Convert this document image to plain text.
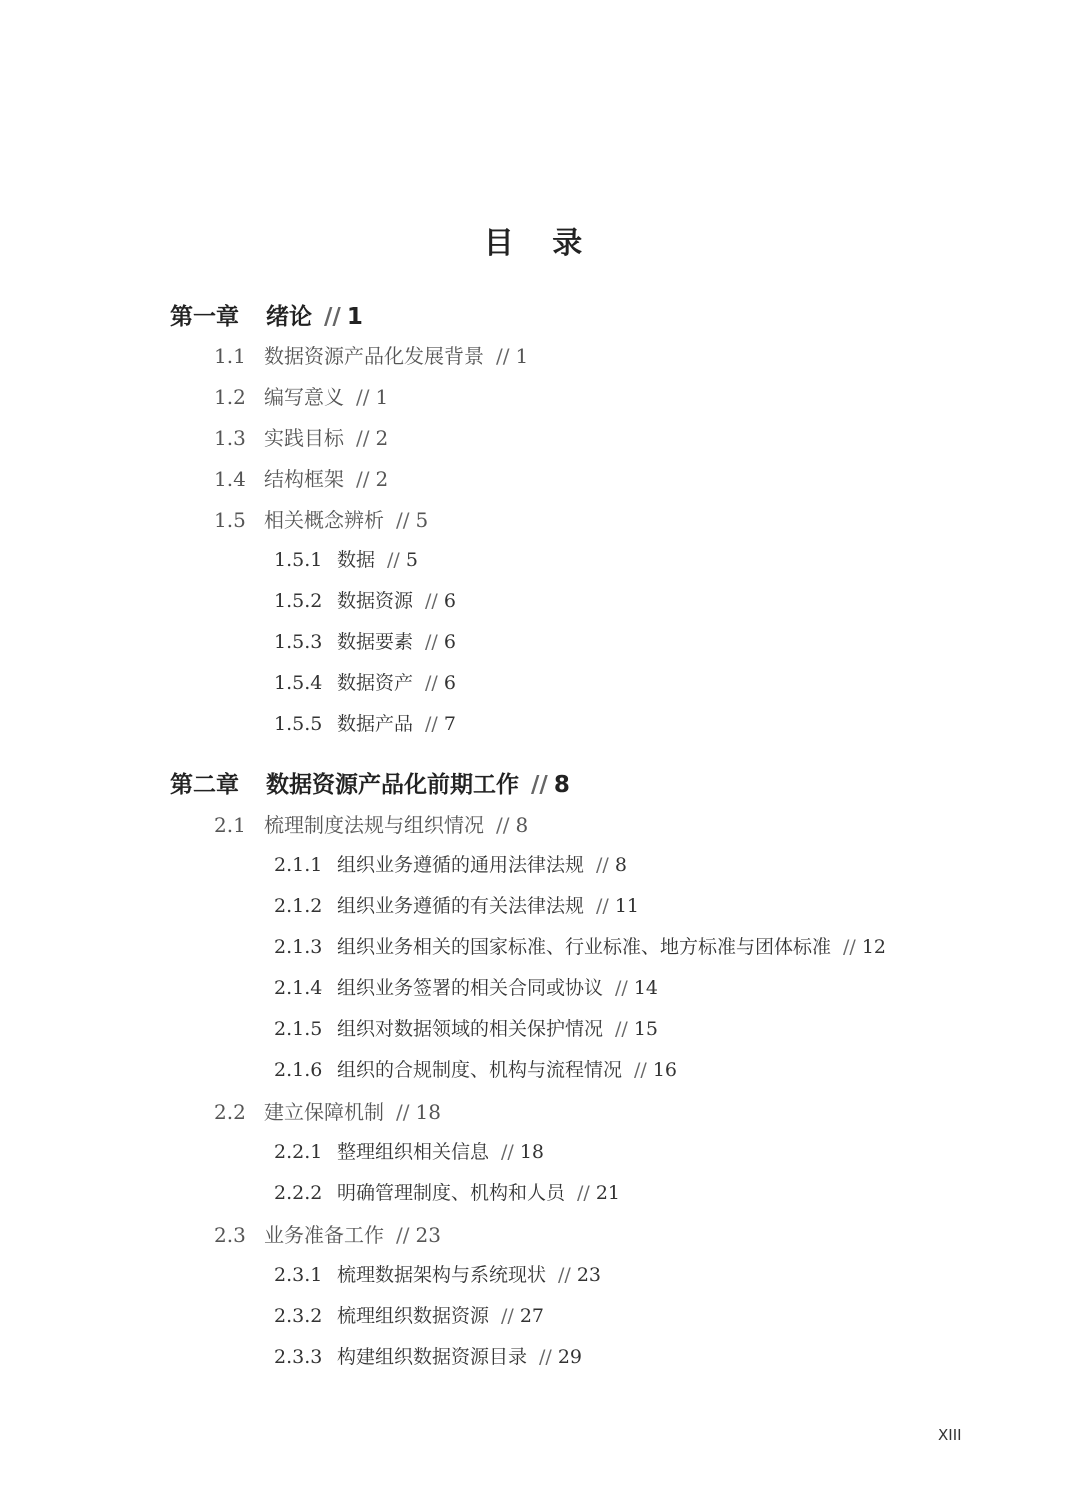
目 录
第一章 绪论 // 1
1.1 数据资源产品化发展背景 // 1
1.2 编写意义 // 1
1.3 实践目标 // 2
1.4 结构框架 // 2
1.5 相关概念辨析 // 5
1.5.1 数据 // 5
1.5.2 数据资源 // 6
1.5.3 数据要素 // 6
1.5.4 数据资产 // 6
1.5.5 数据产品 // 7
第二章 数据资源产品化前期工作 // 8
2.1 梳理制度法规与组织情况 // 8
2.1.1 组织业务遵循的通用法律法规 // 8
2.1.2 组织业务遵循的有关法律法规 // 11
2.1.3 组织业务相关的国家标准、行业标准、地方标准与团体标准 // 12
2.1.4 组织业务签署的相关合同或协议 // 14
2.1.5 组织对数据领域的相关保护情况 // 15
2.1.6 组织的合规制度、机构与流程情况 // 16
2.2 建立保障机制 // 18
2.2.1 整理组织相关信息 // 18
2.2.2 明确管理制度、机构和人员 // 21
2.3 业务准备工作 // 23
2.3.1 梳理数据架构与系统现状 // 23
2.3.2 梳理组织数据资源 // 27
2.3.3 构建组织数据资源目录 // 29
XIII
